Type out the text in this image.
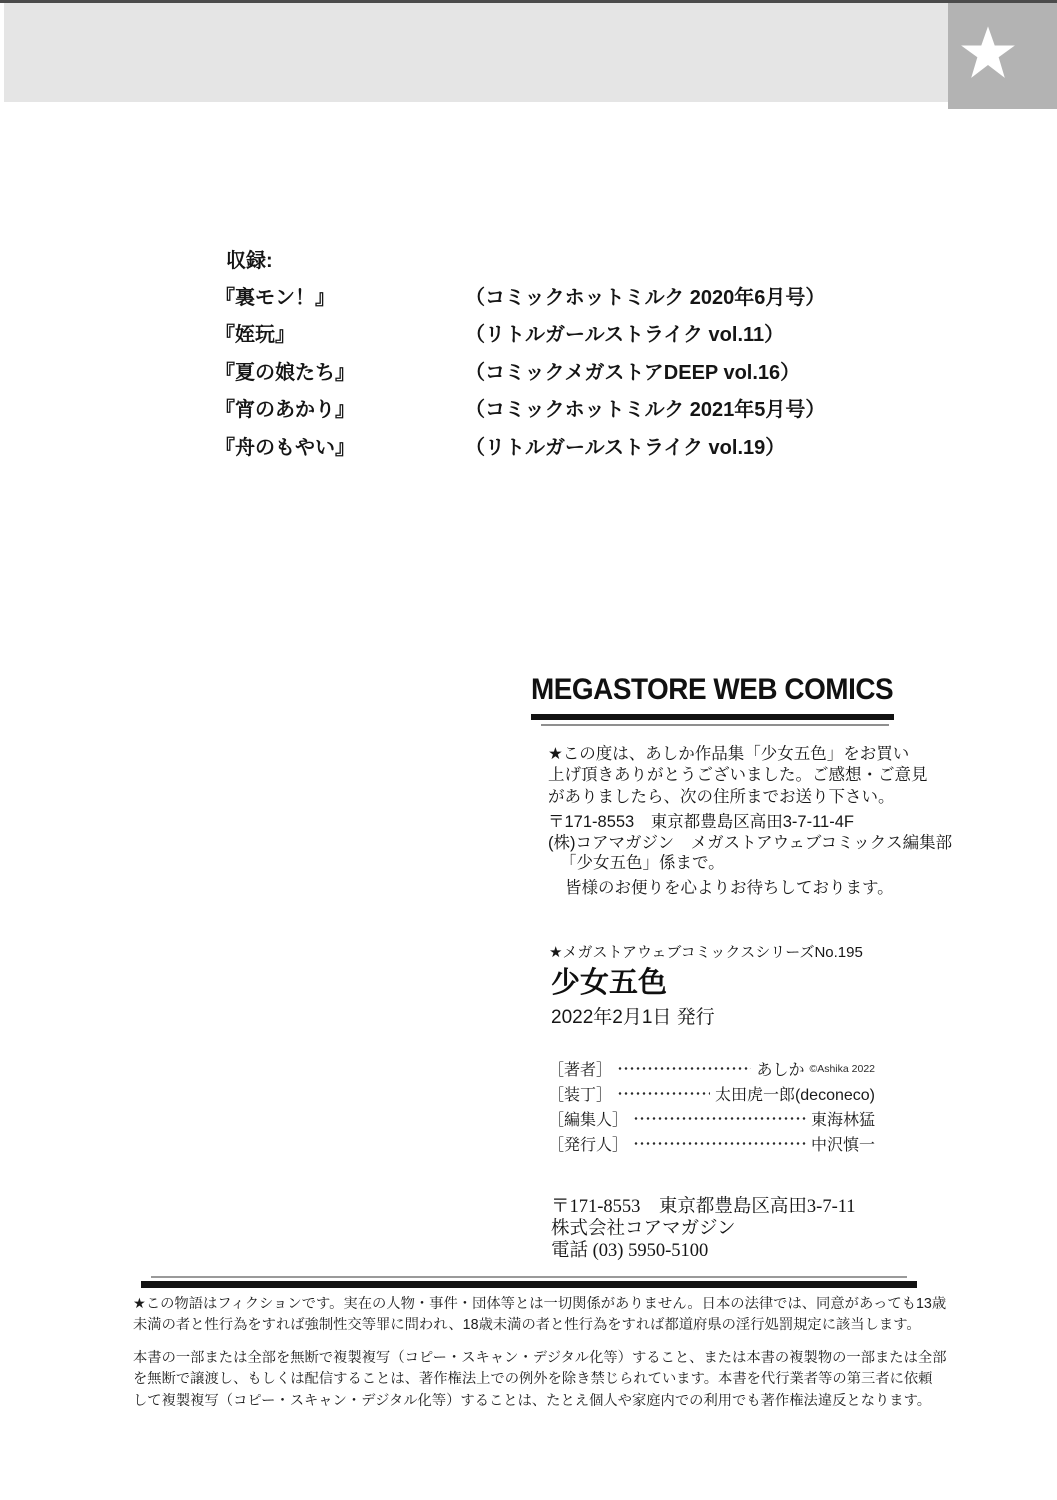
収録:
『裏モン！』	（コミックホットミルク 2020年6月号）
『姪玩』	（リトルガールストライク vol.11）
『夏の娘たち』	（コミックメガストアDEEP vol.16）
『宵のあかり』	（コミックホットミルク 2021年5月号）
『舟のもやい』	（リトルガールストライク vol.19）
MEGASTORE WEB COMICS
★この度は、あしか作品集「少女五色」をお買い
上げ頂きありがとうございました。ご感想・ご意見
がありましたら、次の住所までお送り下さい。
〒171-8553　東京都豊島区高田3-7-11-4F
(株)コアマガジン　メガストアウェブコミックス編集部
「少女五色」係まで。
皆様のお便りを心よりお待ちしております。
★メガストアウェブコミックスシリーズNo.195
少女五色
2022年2月1日 発行
［著者］	あしか ©Ashika 2022
［装丁］	太田虎一郎(deconeco)
［編集人］	東海林猛
［発行人］	中沢慎一
〒171-8553　東京都豊島区高田3-7-11
株式会社コアマガジン
電話 (03) 5950-5100
★この物語はフィクションです。実在の人物・事件・団体等とは一切関係がありません。日本の法律では、同意があっても13歳
未満の者と性行為をすれば強制性交等罪に問われ、18歳未満の者と性行為をすれば都道府県の淫行処罰規定に該当します。
本書の一部または全部を無断で複製複写（コピー・スキャン・デジタル化等）すること、または本書の複製物の一部または全部
を無断で譲渡し、もしくは配信することは、著作権法上での例外を除き禁じられています。本書を代行業者等の第三者に依頼
して複製複写（コピー・スキャン・デジタル化等）することは、たとえ個人や家庭内での利用でも著作権法違反となります。
